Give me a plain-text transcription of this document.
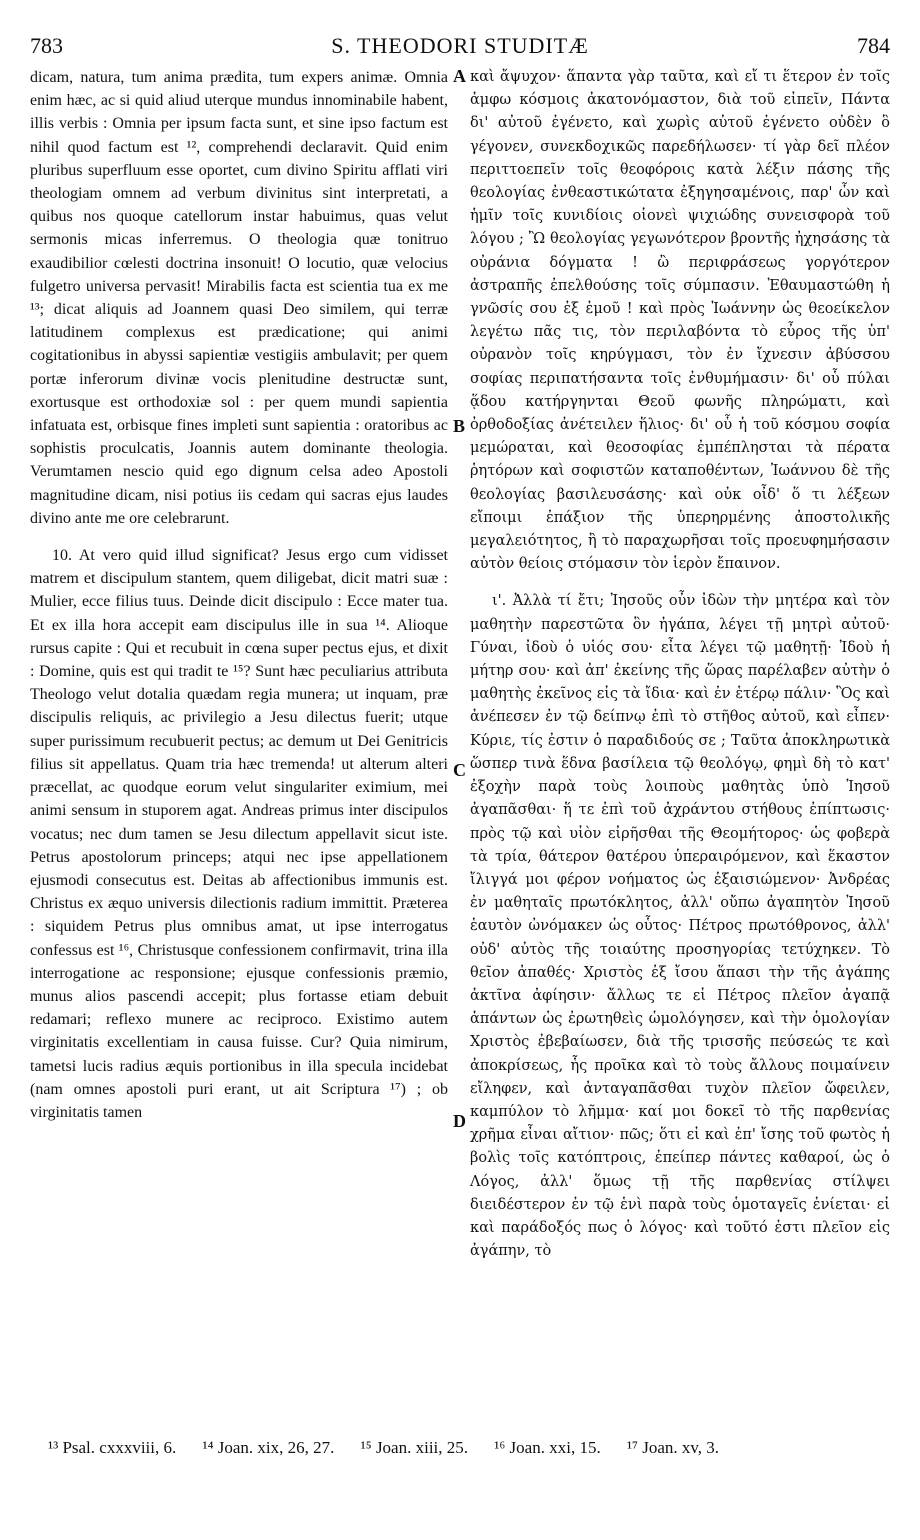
783	S. THEODORI STUDITÆ	784

dicam, natura, tum anima prædita, tum expers animæ. Omnia enim hæc, ac si quid aliud uterque mundus innominabile habent, illis verbis : Omnia per ipsum facta sunt, et sine ipso factum est nihil quod factum est ¹², comprehendi declaravit. Quid enim pluribus superfluum esse oportet, cum divino Spiritu afflati viri theologiam omnem ad verbum divinitus sint interpretati, a quibus nos quoque catellorum instar habuimus, quas velut sermonis micas inferremus. O theologia quæ tonitruo exaudibilior cœlesti doctrina insonuit! O locutio, quæ velocius fulgetro universa pervasit! Mirabilis facta est scientia tua ex me ¹³; dicat aliquis ad Joannem quasi Deo similem, qui terræ latitudinem complexus est prædicatione; qui animi cogitationibus in abyssi sapientiæ vestigiis ambulavit; per quem portæ inferorum divinæ vocis plenitudine destructæ sunt, exortusque est orthodoxiæ sol : per quem mundi sapientia infatuata est, orbisque fines impleti sunt sapientia : oratoribus ac sophistis proculcatis, Joannis autem dominante theologia. Verumtamen nescio quid ego dignum celsa adeo Apostoli magnitudine dicam, nisi potius iis cedam qui sacras ejus laudes divino ante me ore celebrarunt.

10. At vero quid illud significat? Jesus ergo cum vidisset matrem et discipulum stantem, quem diligebat, dicit matri suæ : Mulier, ecce filius tuus. Deinde dicit discipulo : Ecce mater tua. Et ex illa hora accepit eam discipulus ille in sua ¹⁴. Alioque rursus capite : Qui et recubuit in cœna super pectus ejus, et dixit : Domine, quis est qui tradit te ¹⁵? Sunt hæc peculiarius attributa Theologo velut dotalia quædam regia munera; ut inquam, præ discipulis reliquis, ac privilegio a Jesu dilectus fuerit; utque super purissimum recubuerit pectus; ac demum ut Dei Genitricis filius sit appellatus. Quam tria hæc tremenda! ut alterum alteri præcellat, ac quodque eorum velut singulariter eximium, mei animi sensum in stuporem agat. Andreas primus inter discipulos vocatus; nec dum tamen se Jesu dilectum appellavit sicut iste. Petrus apostolorum princeps; atqui nec ipse appellationem ejusmodi consecutus est. Deitas ab affectionibus immunis est. Christus ex æquo universis dilectionis radium immittit. Præterea : siquidem Petrus plus omnibus amat, ut ipse interrogatus confessus est ¹⁶, Christusque confessionem confirmavit, trina illa interrogatione ac responsione; ejusque confessionis præmio, munus alios pascendi accepit; plus fortasse etiam debuit redamari; reflexo munere ac reciproco. Existimo autem virginitatis excellentiam in causa fuisse. Cur? Quia nimirum, tametsi lucis radius æquis portionibus in illa specula incidebat (nam omnes apostoli puri erant, ut ait Scriptura ¹⁷) ; ob virginitatis tamen

καὶ ἄψυχον· ἅπαντα γὰρ ταῦτα, καὶ εἴ τι ἕτερον ἐν τοῖς ἀμφω κόσμοις ἀκατονόμαστον, διὰ τοῦ εἰπεῖν, Πάντα δι' αὐτοῦ ἐγένετο, καὶ χωρὶς αὐτοῦ ἐγένετο οὐδὲν ὃ γέγονεν, συνεκδοχικῶς παρεδήλωσεν· τί γὰρ δεῖ πλέον περιττοεπεῖν τοῖς θεοφόροις κατὰ λέξιν πάσης τῆς θεολογίας ἐνθεαστικώτατα ἐξηγησαμένοις, παρ' ὧν καὶ ἡμῖν τοῖς κυνιδίοις οἱονεὶ ψιχιώδης συνεισφορὰ τοῦ λόγου ; Ὢ θεολογίας γεγωνότερον βροντῆς ἠχησάσης τὰ οὐράνια δόγματα ! ὢ περιφράσεως γοργότερον ἀστραπῆς ἐπελθούσης τοῖς σύμπασιν. Ἐθαυμαστώθη ἡ γνῶσίς σου ἐξ ἐμοῦ ! καὶ πρὸς Ἰωάννην ὡς θεοείκελον λεγέτω πᾶς τις, τὸν περιλαβόντα τὸ εὖρος τῆς ὑπ' οὐρανὸν τοῖς κηρύγμασι, τὸν ἐν ἴχνεσιν ἀβύσσου σοφίας περιπατήσαντα τοῖς ἐνθυμήμασιν· δι' οὗ πύλαι ᾅδου κατήργηνται Θεοῦ φωνῆς πληρώματι, καὶ ὀρθοδοξίας ἀνέτειλεν ἥλιος· δι' οὗ ἡ τοῦ κόσμου σοφία μεμώραται, καὶ θεοσοφίας ἐμπέπλησται τὰ πέρατα ῥητόρων καὶ σοφιστῶν καταποθέντων, Ἰωάννου δὲ τῆς θεολογίας βασιλευσάσης· καὶ οὐκ οἶδ' ὅ τι λέξεων εἴποιμι ἐπάξιον τῆς ὑπερηρμένης ἀποστολικῆς μεγαλειότητος, ἢ τὸ παραχωρῆσαι τοῖς προευφημήσασιν αὐτὸν θείοις στόμασιν τὸν ἱερὸν ἔπαινον.

ι'. Ἀλλὰ τί ἔτι; Ἰησοῦς οὖν ἰδὼν τὴν μητέρα καὶ τὸν μαθητὴν παρεστῶτα ὃν ἠγάπα, λέγει τῇ μητρὶ αὐτοῦ· Γύναι, ἰδοὺ ὁ υἱός σου· εἶτα λέγει τῷ μαθητῇ· Ἰδοὺ ἡ μήτηρ σου· καὶ ἀπ' ἐκείνης τῆς ὥρας παρέλαβεν αὐτὴν ὁ μαθητὴς ἐκεῖνος εἰς τὰ ἴδια· καὶ ἐν ἑτέρῳ πάλιν· Ὃς καὶ ἀνέπεσεν ἐν τῷ δείπνῳ ἐπὶ τὸ στῆθος αὐτοῦ, καὶ εἶπεν· Κύριε, τίς ἐστιν ὁ παραδιδούς σε ; Ταῦτα ἀποκληρωτικὰ ὥσπερ τινὰ ἕδνα βασίλεια τῷ θεολόγῳ, φημὶ δὴ τὸ κατ' ἐξοχὴν παρὰ τοὺς λοιποὺς μαθητὰς ὑπὸ Ἰησοῦ ἀγαπᾶσθαι· ἥ τε ἐπὶ τοῦ ἀχράντου στήθους ἐπίπτωσις· πρὸς τῷ καὶ υἱὸν εἰρῆσθαι τῆς Θεομήτορος· ὡς φοβερὰ τὰ τρία, θάτερον θατέρου ὑπεραιρόμενον, καὶ ἕκαστον ἴλιγγά μοι φέρον νοήματος ὡς ἐξαισιώμενον· Ἀνδρέας ἐν μαθηταῖς πρωτόκλητος, ἀλλ' οὔπω ἀγαπητὸν Ἰησοῦ ἑαυτὸν ὠνόμακεν ὡς οὗτος· Πέτρος πρωτόθρονος, ἀλλ' οὐδ' αὐτὸς τῆς τοιαύτης προσηγορίας τετύχηκεν. Τὸ θεῖον ἀπαθές· Χριστὸς ἐξ ἴσου ἅπασι τὴν τῆς ἀγάπης ἀκτῖνα ἀφίησιν· ἄλλως τε εἰ Πέτρος πλεῖον ἀγαπᾷ ἁπάντων ὡς ἐρωτηθεὶς ὡμολόγησεν, καὶ τὴν ὁμολογίαν Χριστὸς ἐβεβαίωσεν, διὰ τῆς τρισσῆς πεύσεώς τε καὶ ἀποκρίσεως, ἧς προῖκα καὶ τὸ τοὺς ἄλλους ποιμαίνειν εἴληφεν, καὶ ἀνταγαπᾶσθαι τυχὸν πλεῖον ὤφειλεν, καμπύλον τὸ λῆμμα· καί μοι δοκεῖ τὸ τῆς παρθενίας χρῆμα εἶναι αἴτιον· πῶς; ὅτι εἰ καὶ ἐπ' ἴσης τοῦ φωτὸς ἡ βολὶς τοῖς κατόπτροις, ἐπείπερ πάντες καθαροί, ὡς ὁ Λόγος, ἀλλ' ὅμως τῇ τῆς παρθενίας στίλψει διειδέστερον ἐν τῷ ἑνὶ παρὰ τοὺς ὁμοταγεῖς ἐνίεται· εἰ καὶ παράδοξός πως ὁ λόγος· καὶ τοῦτό ἐστι πλεῖον εἰς ἀγάπην, τὸ

A
B
C
D
¹³ Psal. cxxxviii, 6. ¹⁴ Joan. xix, 26, 27. ¹⁵ Joan. xiii, 25. ¹⁶ Joan. xxi, 15. ¹⁷ Joan. xv, 3.
